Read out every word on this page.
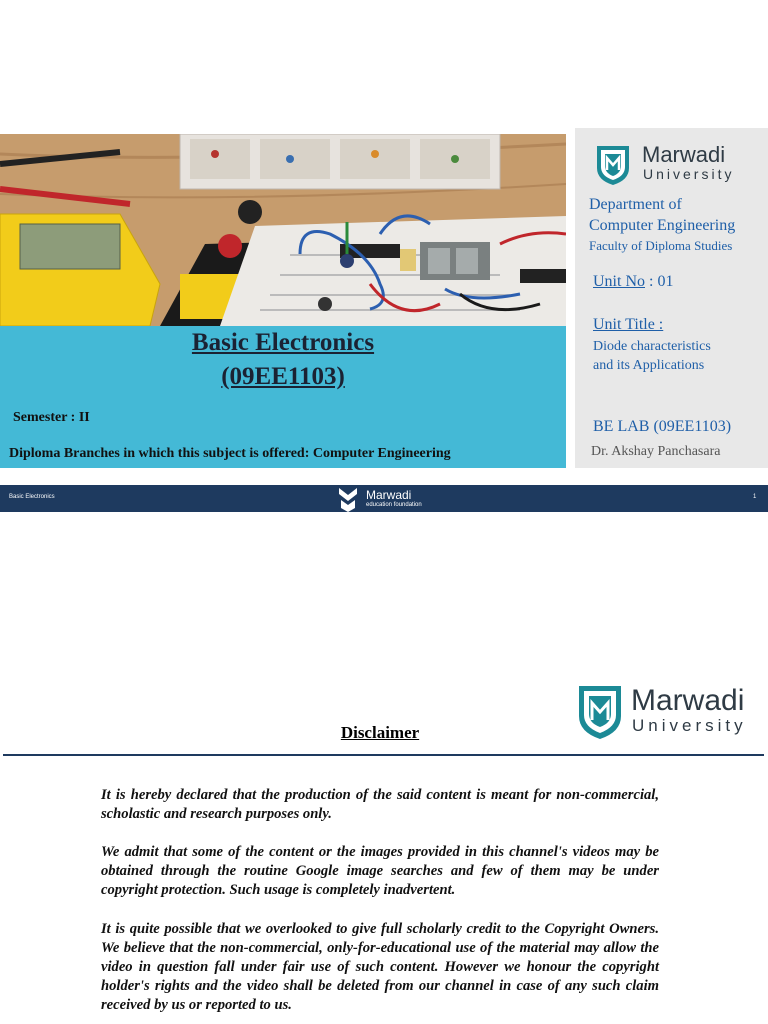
Basic Electronics
(09EE1103)
Semester : II
Diploma Branches in which this subject is offered: Computer Engineering
Marwadi
University
Department of
Computer Engineering
Faculty of Diploma Studies
Unit No : 01
Unit Title :
Diode characteristics
and its Applications
BE LAB (09EE1103)
Dr. Akshay Panchasara
Basic Electronics	Marwadi
education foundation
1
Marwadi
University
Disclaimer

It is hereby declared that the production of the said content is meant for non-commercial, scholastic and research purposes only.

We admit that some of the content or the images provided in this channel's videos may be obtained through the routine Google image searches and few of them may be under copyright protection. Such usage is completely inadvertent.

It is quite possible that we overlooked to give full scholarly credit to the Copyright Owners. We believe that the non-commercial, only-for-educational use of the material may allow the video in question fall under fair use of such content. However we honour the copyright holder's rights and the video shall be deleted from our channel in case of any such claim received by us or reported to us.
